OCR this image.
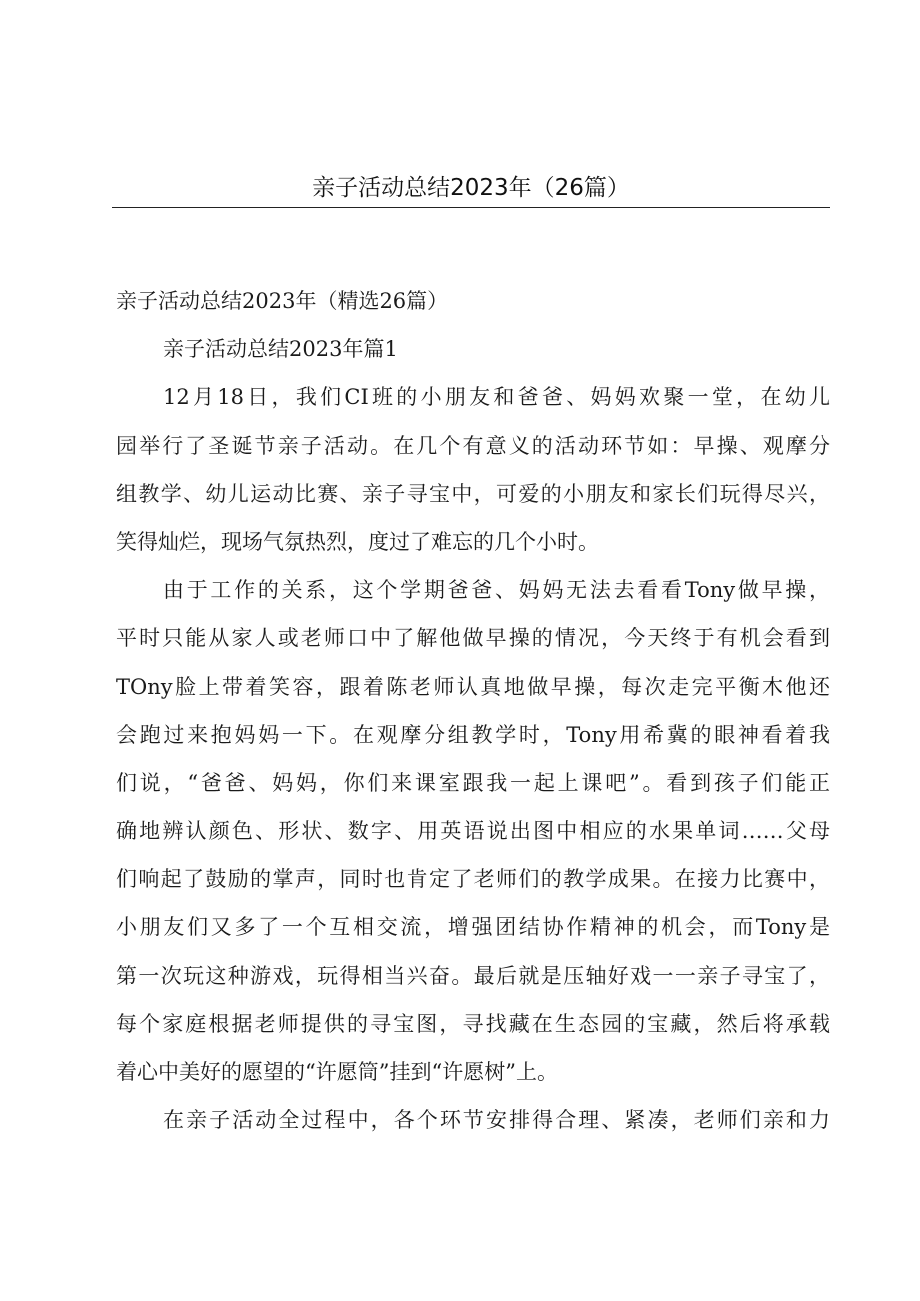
亲子活动总结2023年（26篇）
亲子活动总结2023年（精选26篇）
亲子活动总结2023年篇1
12月18日，我们CI班的小朋友和爸爸、妈妈欢聚一堂，在幼儿
园举行了圣诞节亲子活动。在几个有意义的活动环节如：早操、观摩分
组教学、幼儿运动比赛、亲子寻宝中，可爱的小朋友和家长们玩得尽兴，
笑得灿烂，现场气氛热烈，度过了难忘的几个小时。
由于工作的关系，这个学期爸爸、妈妈无法去看看Tony做早操，
平时只能从家人或老师口中了解他做早操的情况，今天终于有机会看到
TOny脸上带着笑容，跟着陈老师认真地做早操，每次走完平衡木他还
会跑过来抱妈妈一下。在观摩分组教学时，Tony用希冀的眼神看着我
们说，“爸爸、妈妈，你们来课室跟我一起上课吧”。看到孩子们能正
确地辨认颜色、形状、数字、用英语说出图中相应的水果单词……父母
们响起了鼓励的掌声，同时也肯定了老师们的教学成果。在接力比赛中，
小朋友们又多了一个互相交流，增强团结协作精神的机会，而Tony是
第一次玩这种游戏，玩得相当兴奋。最后就是压轴好戏一一亲子寻宝了，
每个家庭根据老师提供的寻宝图，寻找藏在生态园的宝藏，然后将承载
着心中美好的愿望的“许愿筒”挂到“许愿树”上。
在亲子活动全过程中，各个环节安排得合理、紧凑，老师们亲和力
